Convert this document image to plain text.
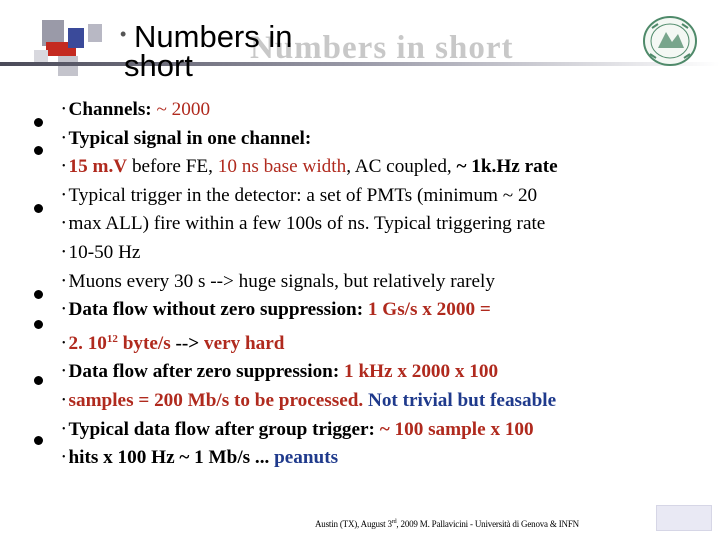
Numbers in short
• Numbers in
short
• Channels: ~ 2000
• Typical signal in one channel:
• 15 m.V before FE, 10 ns base width, AC coupled, ~ 1k.Hz rate
• Typical trigger in the detector: a set of PMTs (minimum ~ 20
• max ALL) fire within a few 100s of ns. Typical triggering rate
• 10-50 Hz
• Muons every 30 s --> huge signals, but relatively rarely
• Data flow without zero suppression: 1 Gs/s x 2000 =
• 2. $10^{12}$ byte/s --> very hard
• Data flow after zero suppression: 1 kHz x 2000 x 100
• samples = 200 Mb/s to be processed. Not trivial but feasable
• Typical data flow after group trigger: ~ 100 sample x 100
• hits x 100 Hz ~ 1 Mb/s ... peanuts
Austin (TX), August 3rd, 2009 M. Pallavicini - Università di Genova & INFN
